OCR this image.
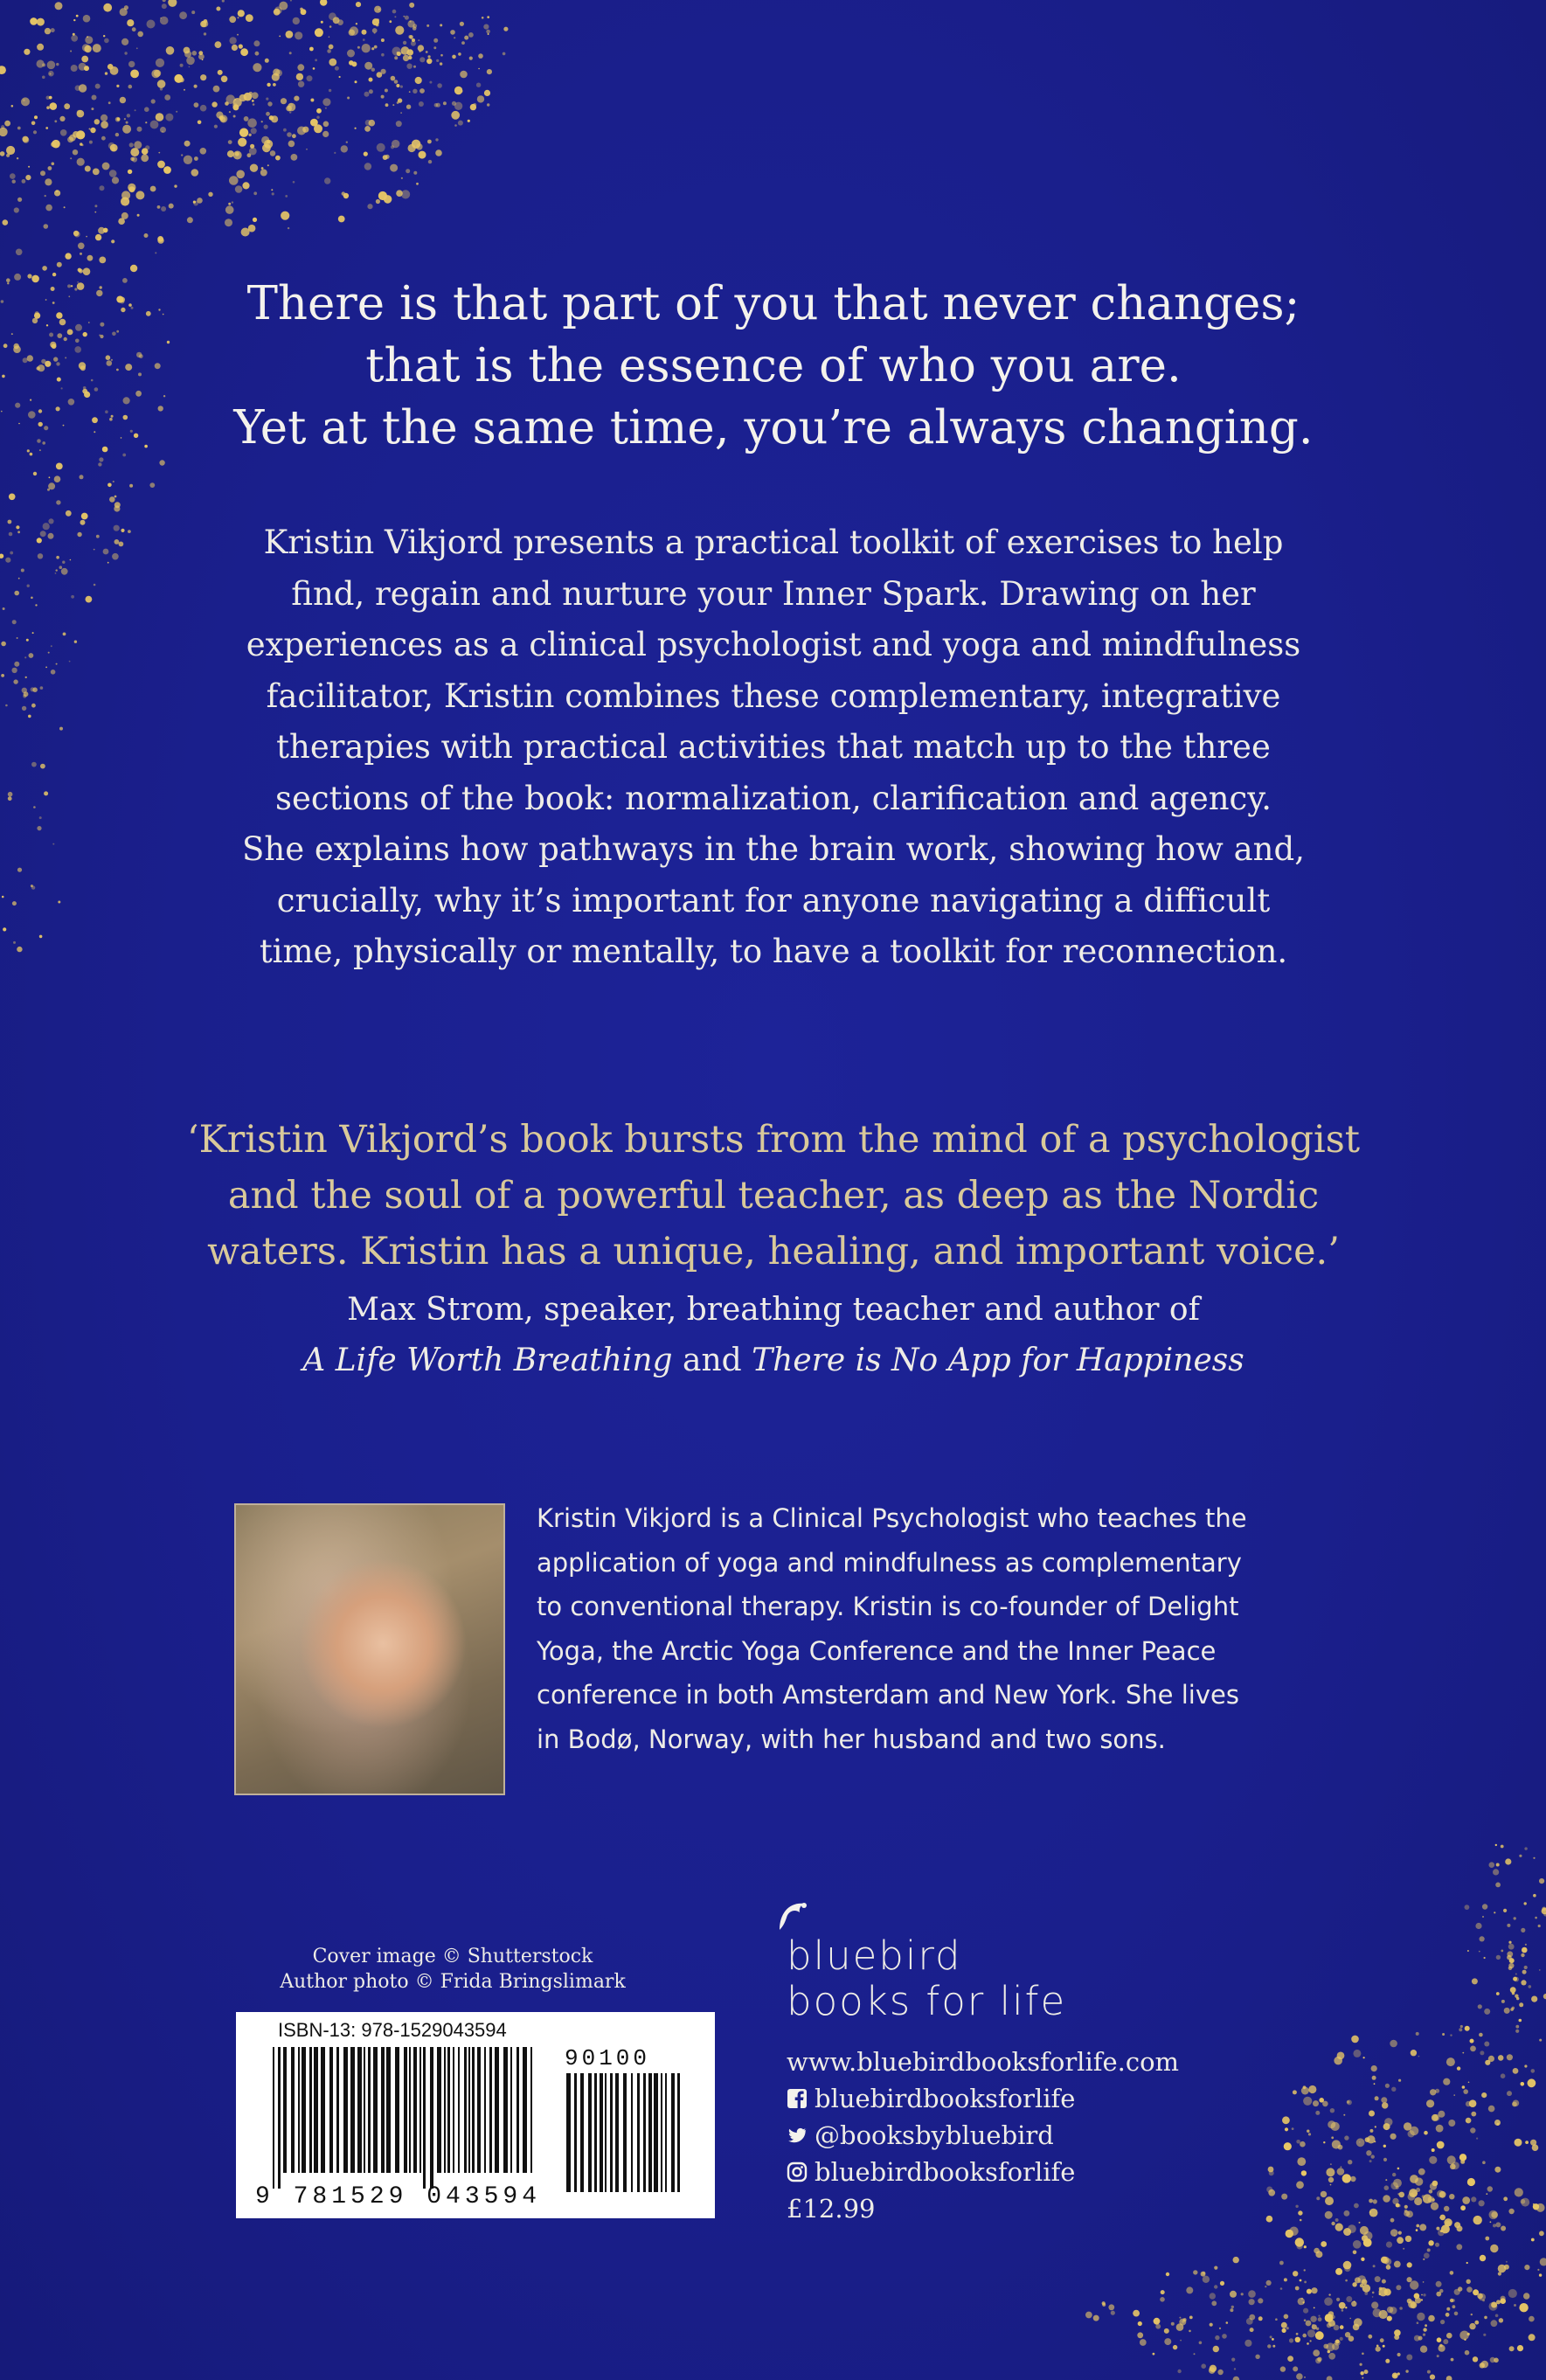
There is that part of you that never changes;
that is the essence of who you are.
Yet at the same time, you’re always changing.
Kristin Vikjord presents a practical toolkit of exercises to help
find, regain and nurture your Inner Spark. Drawing on her
experiences as a clinical psychologist and yoga and mindfulness
facilitator, Kristin combines these complementary, integrative
therapies with practical activities that match up to the three
sections of the book: normalization, clarification and agency.
She explains how pathways in the brain work, showing how and,
crucially, why it’s important for anyone navigating a difficult
time, physically or mentally, to have a toolkit for reconnection.
‘Kristin Vikjord’s book bursts from the mind of a psychologist
and the soul of a powerful teacher, as deep as the Nordic
waters. Kristin has a unique, healing, and important voice.’
Max Strom, speaker, breathing teacher and author of
A Life Worth Breathing and There is No App for Happiness
Kristin Vikjord is a Clinical Psychologist who teaches the
application of yoga and mindfulness as complementary
to conventional therapy. Kristin is co-founder of Delight
Yoga, the Arctic Yoga Conference and the Inner Peace
conference in both Amsterdam and New York. She lives
in Bodø, Norway, with her husband and two sons.
Cover image © Shutterstock
Author photo © Frida Bringslimark
ISBN-13: 978-1529043594
90100
9 781529 043594
bluebird
books for life
www.bluebirdbooksforlife.com
bluebirdbooksforlife
@booksbybluebird
bluebirdbooksforlife
£12.99
